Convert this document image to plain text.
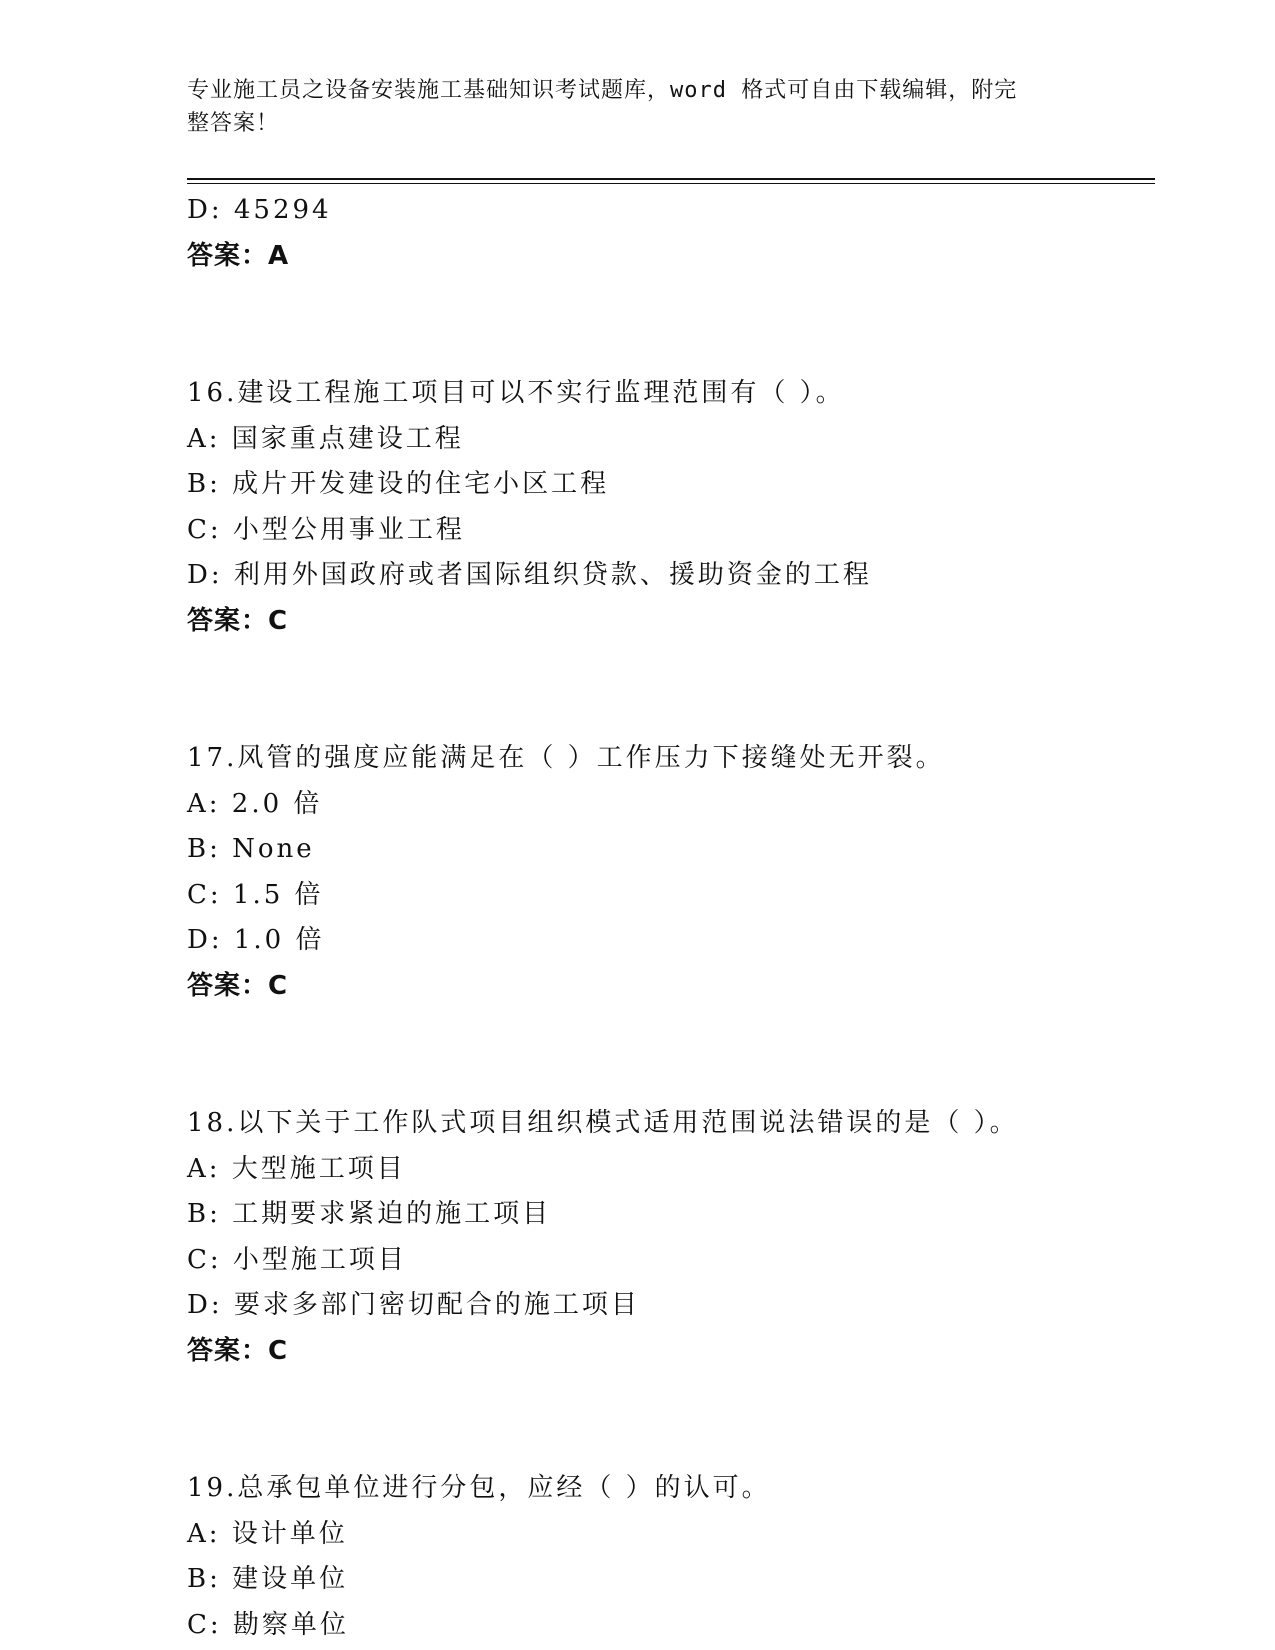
专业施工员之设备安装施工基础知识考试题库，word 格式可自由下载编辑，附完
整答案！
D: 45294
答案：A
16.建设工程施工项目可以不实行监理范围有（ ）。
A: 国家重点建设工程
B: 成片开发建设的住宅小区工程
C: 小型公用事业工程
D: 利用外国政府或者国际组织贷款、援助资金的工程
答案：C
17.风管的强度应能满足在（ ）工作压力下接缝处无开裂。
A: 2.0 倍
B: None
C: 1.5 倍
D: 1.0 倍
答案：C
18.以下关于工作队式项目组织模式适用范围说法错误的是（ ）。
A: 大型施工项目
B: 工期要求紧迫的施工项目
C: 小型施工项目
D: 要求多部门密切配合的施工项目
答案：C
19.总承包单位进行分包，应经（ ）的认可。
A: 设计单位
B: 建设单位
C: 勘察单位
